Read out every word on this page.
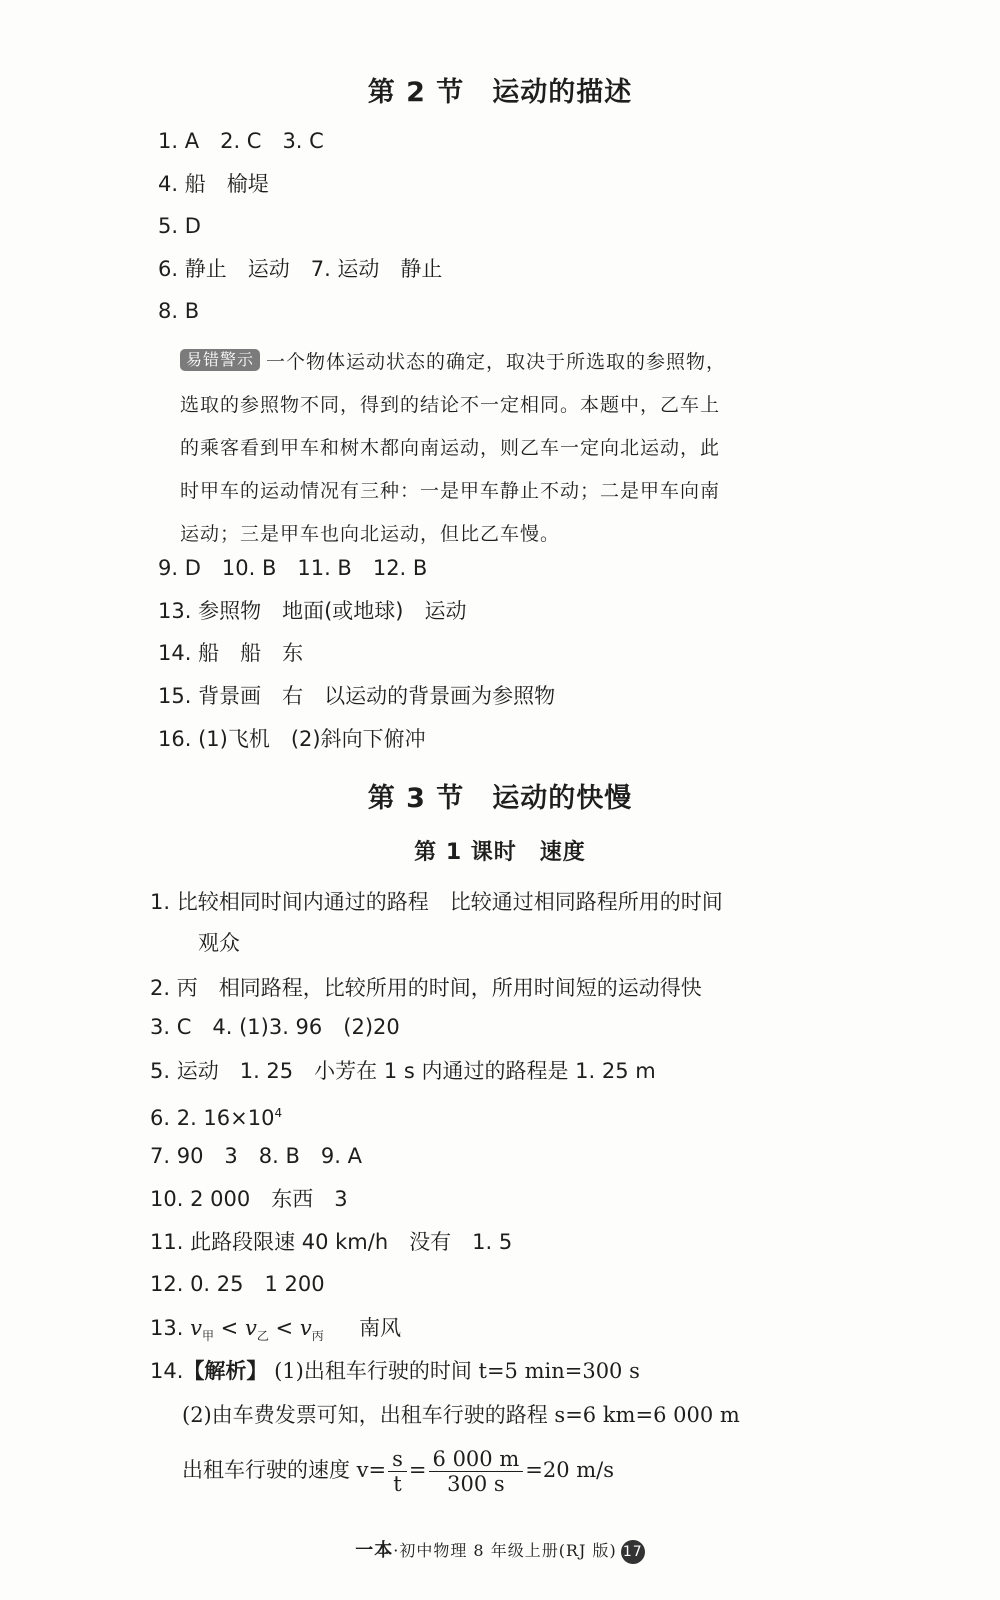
第 2 节　运动的描述
1. A　2. C　3. C
4. 船　榆堤
5. D
6. 静止　运动　7. 运动　静止
8. B
易错警示 一个物体运动状态的确定，取决于所选取的参照物，
选取的参照物不同，得到的结论不一定相同。本题中，乙车上
的乘客看到甲车和树木都向南运动，则乙车一定向北运动，此
时甲车的运动情况有三种：一是甲车静止不动；二是甲车向南
运动；三是甲车也向北运动，但比乙车慢。
9. D　10. B　11. B　12. B
13. 参照物　地面(或地球)　运动
14. 船　船　东
15. 背景画　右　以运动的背景画为参照物
16. (1)飞机　(2)斜向下俯冲
第 3 节　运动的快慢
第 1 课时　速度
1. 比较相同时间内通过的路程　比较通过相同路程所用的时间
观众
2. 丙　相同路程，比较所用的时间，所用时间短的运动得快
3. C　4. (1)3. 96　(2)20
5. 运动　1. 25　小芳在 1 s 内通过的路程是 1. 25 m
6. 2. $16\times 10^4$
7. 90　3　8. B　9. A
10. 2 000　东西　3
11. 此路段限速 40 km/h　没有　1. 5
12. 0. 25　1 200
13. $v_甲 < v_乙 < v_丙$ 南风
14.【解析】 (1)出租车行驶的时间 t=5 min=300 s
(2)由车费发票可知，出租车行驶的路程 s=6 km=6 000 m
出租车行驶的速度 $v= \frac{s}{t} = \frac{6 000 m}{300 s} =20$ m/s
一本·初中物理 8 年级上册(RJ 版) 17
